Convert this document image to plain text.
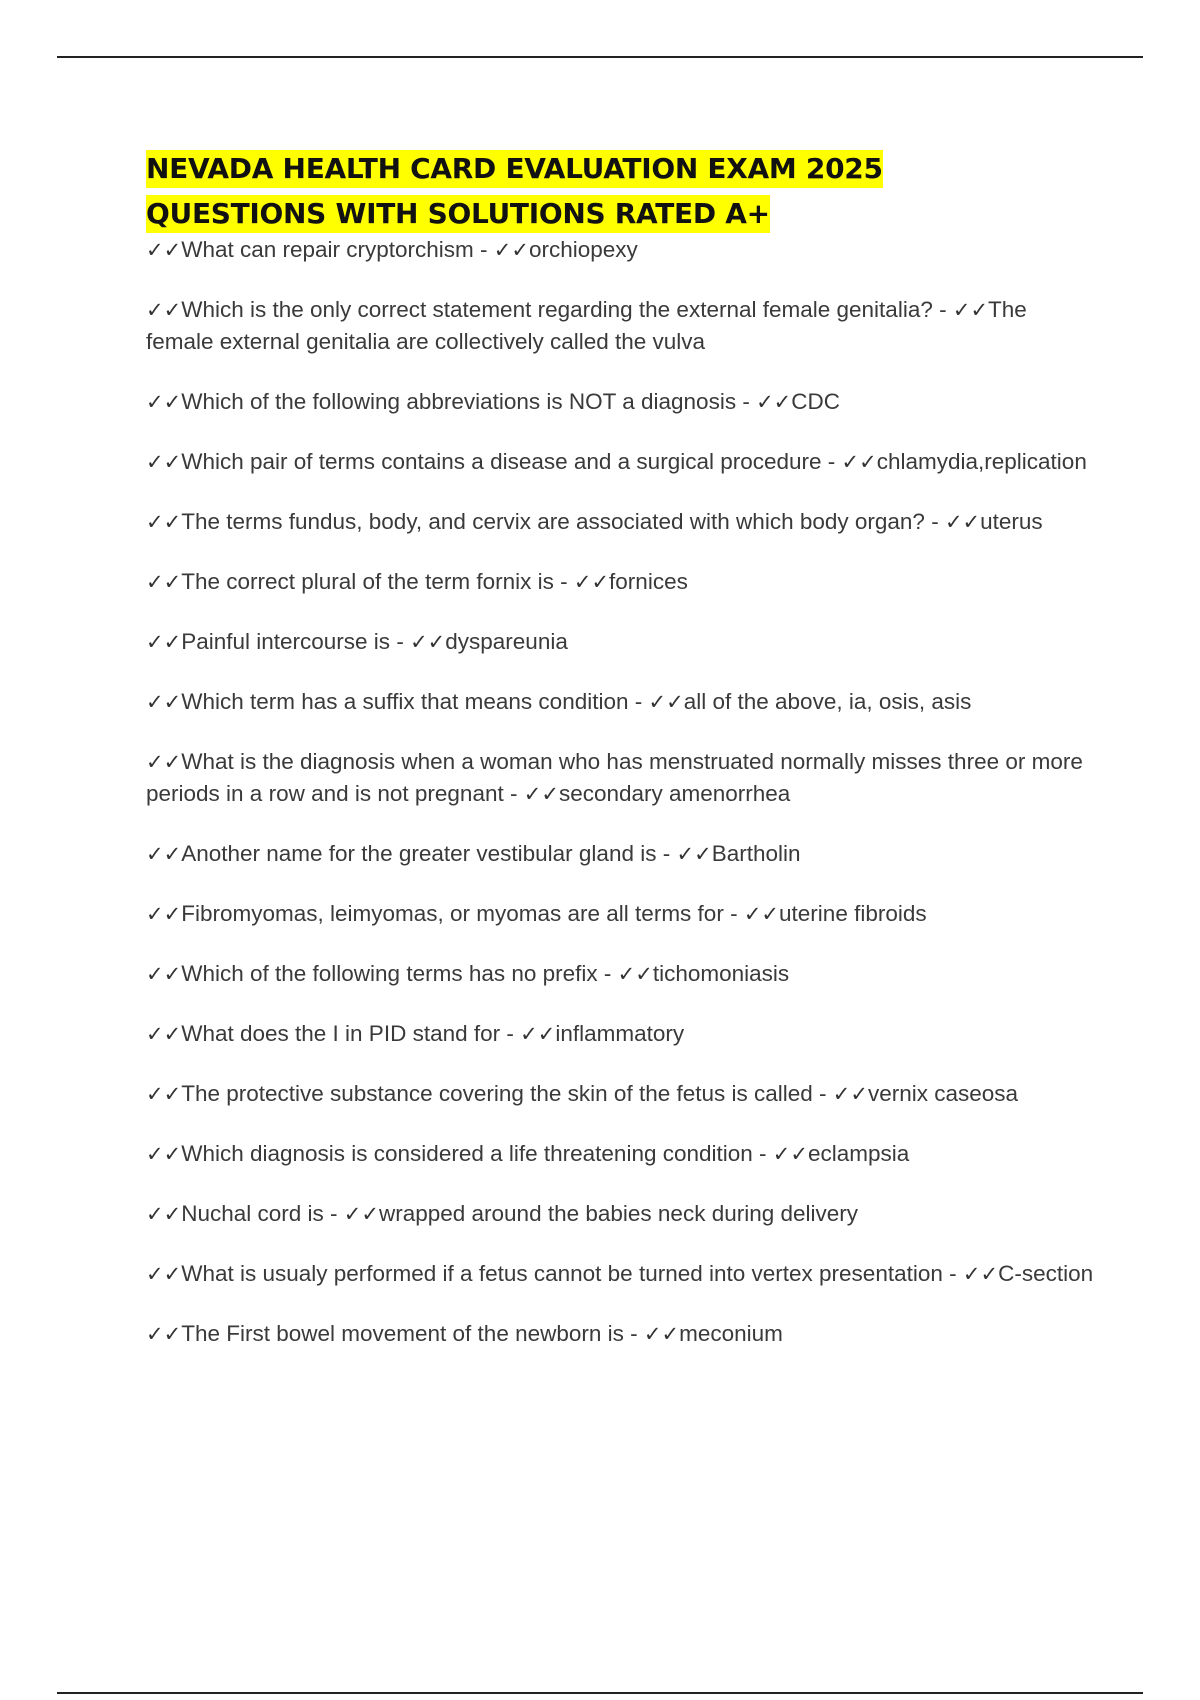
NEVADA HEALTH CARD EVALUATION EXAM 2025
QUESTIONS WITH SOLUTIONS RATED A+
✓✓What can repair cryptorchism - ✓✓orchiopexy
✓✓Which is the only correct statement regarding the external female genitalia? - ✓✓The female external genitalia are collectively called the vulva
✓✓Which of the following abbreviations is NOT a diagnosis - ✓✓CDC
✓✓Which pair of terms contains a disease and a surgical procedure - ✓✓chlamydia,replication
✓✓The terms fundus, body, and cervix are associated with which body organ? - ✓✓uterus
✓✓The correct plural of the term fornix is - ✓✓fornices
✓✓Painful intercourse is - ✓✓dyspareunia
✓✓Which term has a suffix that means condition - ✓✓all of the above, ia, osis, asis
✓✓What is the diagnosis when a woman who has menstruated normally misses three or more periods in a row and is not pregnant - ✓✓secondary amenorrhea
✓✓Another name for the greater vestibular gland is - ✓✓Bartholin
✓✓Fibromyomas, leimyomas, or myomas are all terms for - ✓✓uterine fibroids
✓✓Which of the following terms has no prefix - ✓✓tichomoniasis
✓✓What does the I in PID stand for - ✓✓inflammatory
✓✓The protective substance covering the skin of the fetus is called - ✓✓vernix caseosa
✓✓Which diagnosis is considered a life threatening condition - ✓✓eclampsia
✓✓Nuchal cord is - ✓✓wrapped around the babies neck during delivery
✓✓What is usualy performed if a fetus cannot be turned into vertex presentation - ✓✓C-section
✓✓The First bowel movement of the newborn is - ✓✓meconium
